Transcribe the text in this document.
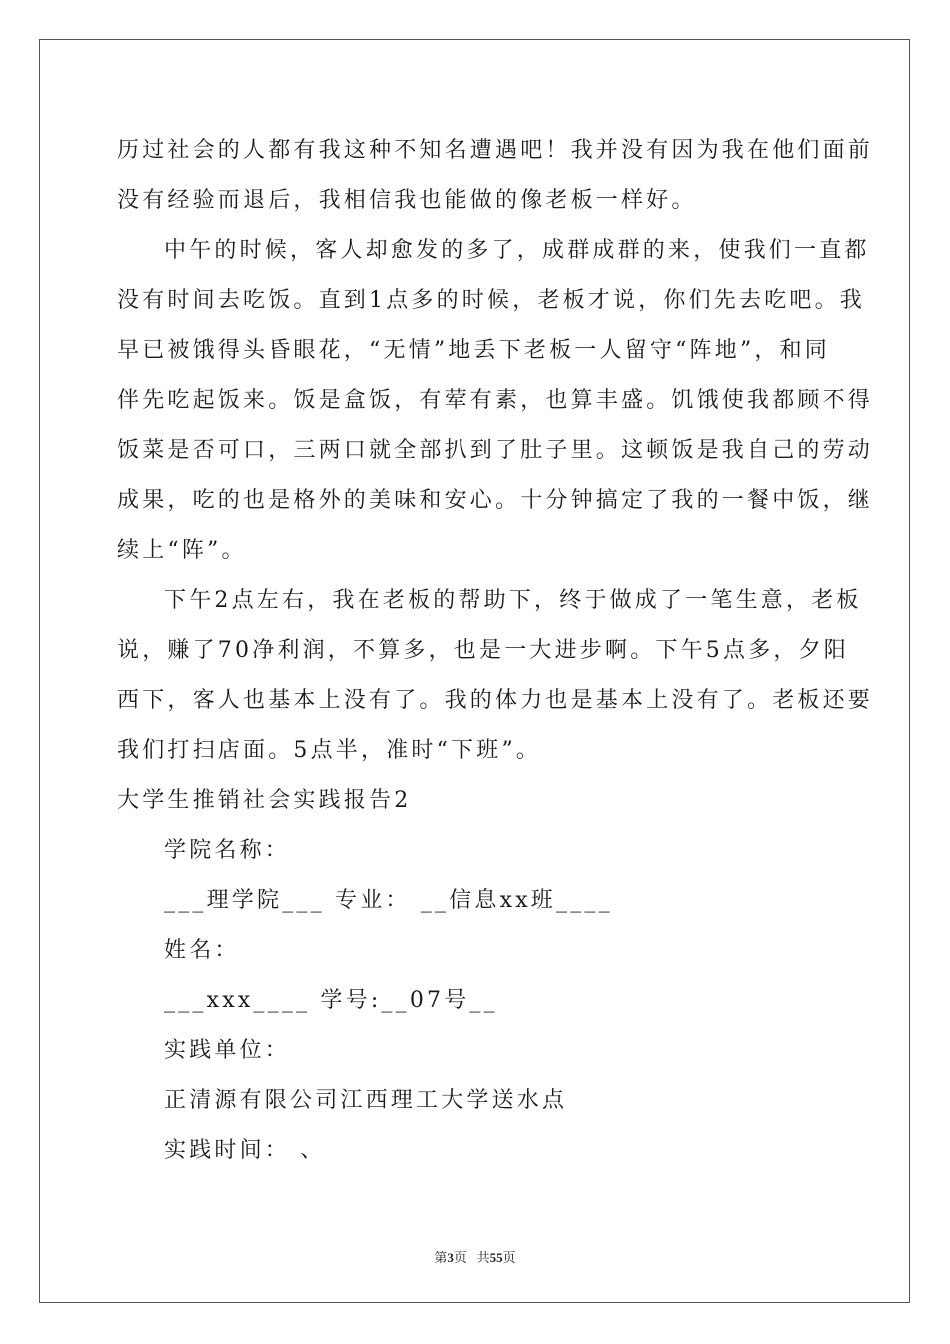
历过社会的人都有我这种不知名遭遇吧！我并没有因为我在他们面前
没有经验而退后，我相信我也能做的像老板一样好。
中午的时候，客人却愈发的多了，成群成群的来，使我们一直都
没有时间去吃饭。直到1点多的时候，老板才说，你们先去吃吧。我
早已被饿得头昏眼花，“无情”地丢下老板一人留守“阵地”，和同
伴先吃起饭来。饭是盒饭，有荤有素，也算丰盛。饥饿使我都顾不得
饭菜是否可口，三两口就全部扒到了肚子里。这顿饭是我自己的劳动
成果，吃的也是格外的美味和安心。十分钟搞定了我的一餐中饭，继
续上“阵”。
下午2点左右，我在老板的帮助下，终于做成了一笔生意，老板
说，赚了70净利润，不算多，也是一大进步啊。下午5点多，夕阳
西下，客人也基本上没有了。我的体力也是基本上没有了。老板还要
我们打扫店面。5点半，准时“下班”。
大学生推销社会实践报告2
学院名称：
___理学院___ 专业： __信息xx班____
姓名：
___xxx____ 学号:__07号__
实践单位：
正清源有限公司江西理工大学送水点
实践时间： 、
第3页   共55页
